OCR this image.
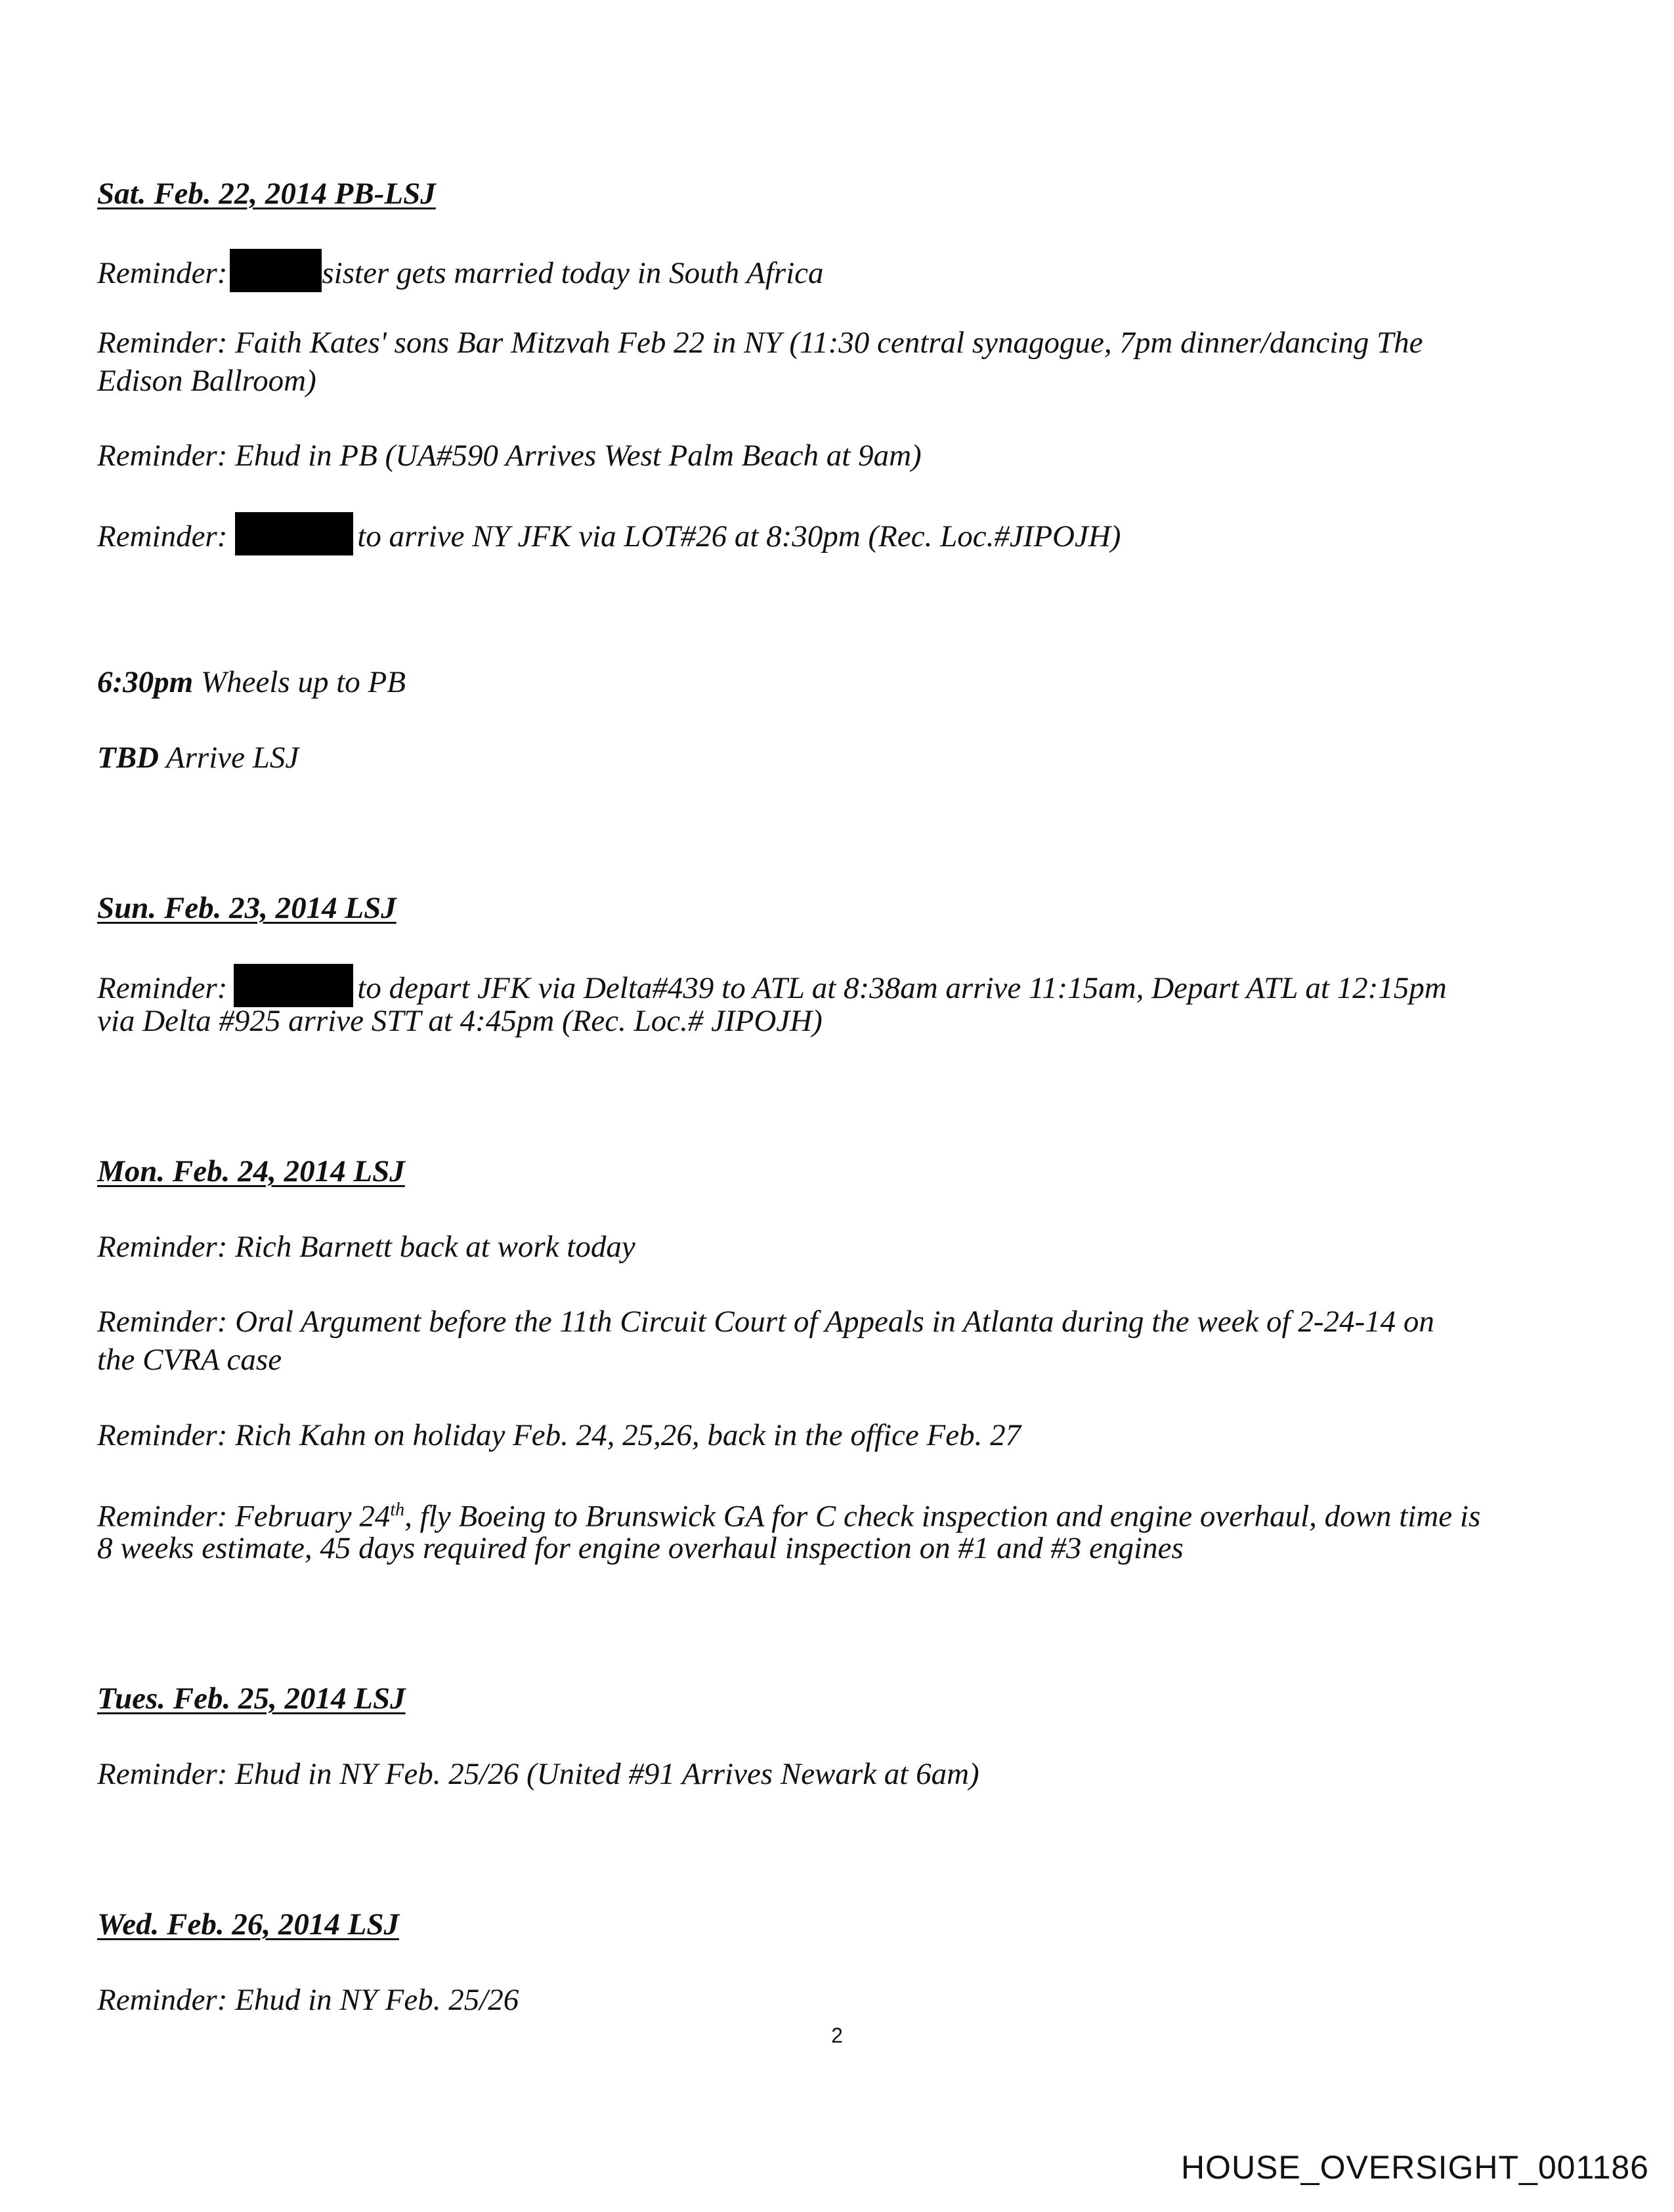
Sat. Feb. 22, 2014 PB-LSJ
Reminder:	sister gets married today in South Africa
Reminder: Faith Kates' sons Bar Mitzvah Feb 22 in NY (11:30 central synagogue, 7pm dinner/dancing The
Edison Ballroom)
Reminder: Ehud in PB (UA#590 Arrives West Palm Beach at 9am)
Reminder:	to arrive NY JFK via LOT#26 at 8:30pm (Rec. Loc.#JIPOJH)
6:30pm Wheels up to PB
TBD Arrive LSJ
Sun. Feb. 23, 2014 LSJ
Reminder:	to depart JFK via Delta#439 to ATL at 8:38am arrive 11:15am, Depart ATL at 12:15pm
via Delta #925 arrive STT at 4:45pm (Rec. Loc.# JIPOJH)
Mon. Feb. 24, 2014 LSJ
Reminder: Rich Barnett back at work today
Reminder: Oral Argument before the 11th Circuit Court of Appeals in Atlanta during the week of 2-24-14 on
the CVRA case
Reminder: Rich Kahn on holiday Feb. 24, 25,26, back in the office Feb. 27
Reminder: February 24th, fly Boeing to Brunswick GA for C check inspection and engine overhaul, down time is
8 weeks estimate, 45 days required for engine overhaul inspection on #1 and #3 engines
Tues. Feb. 25, 2014 LSJ
Reminder: Ehud in NY Feb. 25/26 (United #91 Arrives Newark at 6am)
Wed. Feb. 26, 2014 LSJ
Reminder: Ehud in NY Feb. 25/26
2
HOUSE_OVERSIGHT_001186
